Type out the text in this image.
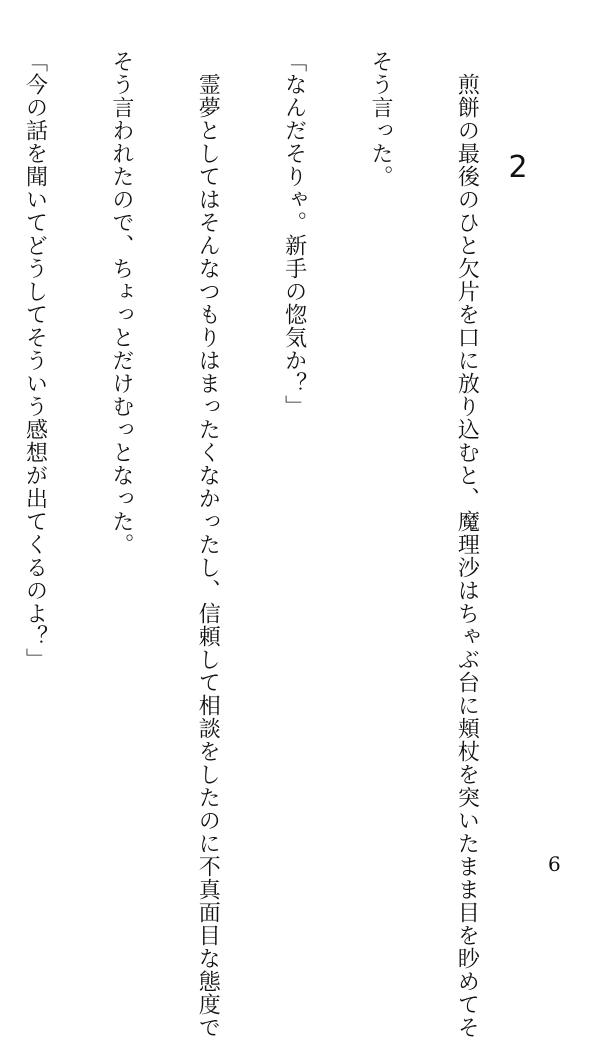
　煎餅の最後のひと欠片を口に放り込むと、魔理沙はちゃぶ台に頬杖を突いたまま目を眇めてそ

そう言った。

「なんだそりゃ。新手の惚気か？」

　霊夢としてはそんなつもりはまったくなかったし、信頼して相談をしたのに不真面目な態度で

そう言われたので、ちょっとだけむっとなった。

「今の話を聞いてどうしてそういう感想が出てくるのよ？」

	2
6
